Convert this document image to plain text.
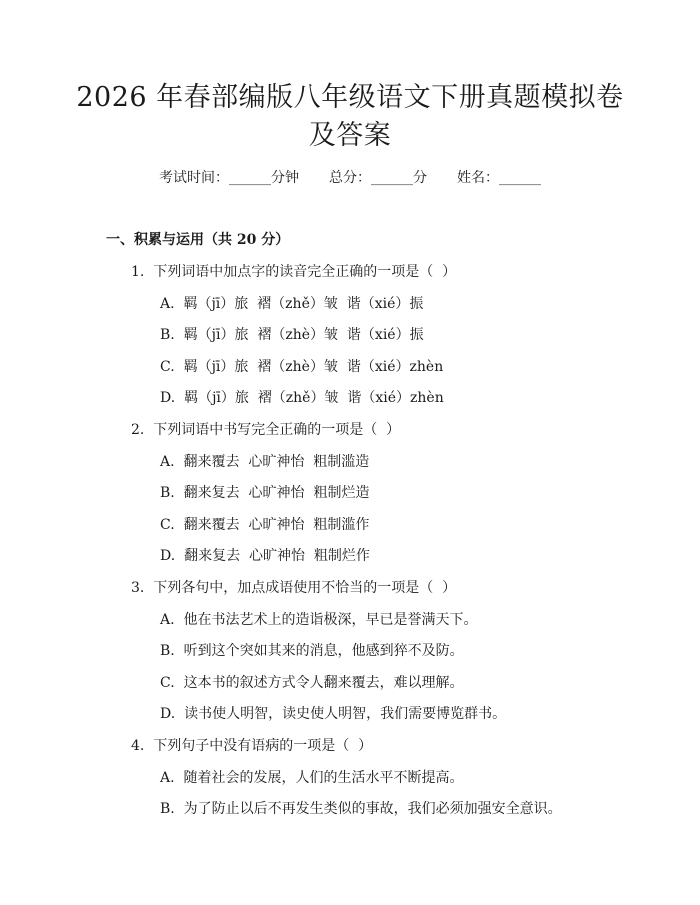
2026 年春部编版八年级语文下册真题模拟卷
及答案
考试时间：______分钟 总分：______分 姓名：______
一、积累与运用（共 20 分）
1.  下列词语中加点字的读音完全正确的一项是（  ）
A.  羁（jī）旅  褶（zhě）皱  谐（xié）振
B.  羁（jī）旅  褶（zhè）皱  谐（xié）振
C.  羁（jī）旅  褶（zhè）皱  谐（xié）zhèn
D.  羁（jī）旅  褶（zhě）皱  谐（xié）zhèn
2.  下列词语中书写完全正确的一项是（  ）
A.  翻来覆去  心旷神怡  粗制滥造
B.  翻来复去  心旷神怡  粗制烂造
C.  翻来覆去  心旷神怡  粗制滥作
D.  翻来复去  心旷神怡  粗制烂作
3.  下列各句中，加点成语使用不恰当的一项是（  ）
A.  他在书法艺术上的造诣极深，早已是誉满天下。
B.  听到这个突如其来的消息，他感到猝不及防。
C.  这本书的叙述方式令人翻来覆去，难以理解。
D.  读书使人明智，读史使人明智，我们需要博览群书。
4.  下列句子中没有语病的一项是（  ）
A.  随着社会的发展，人们的生活水平不断提高。
B.  为了防止以后不再发生类似的事故，我们必须加强安全意识。
